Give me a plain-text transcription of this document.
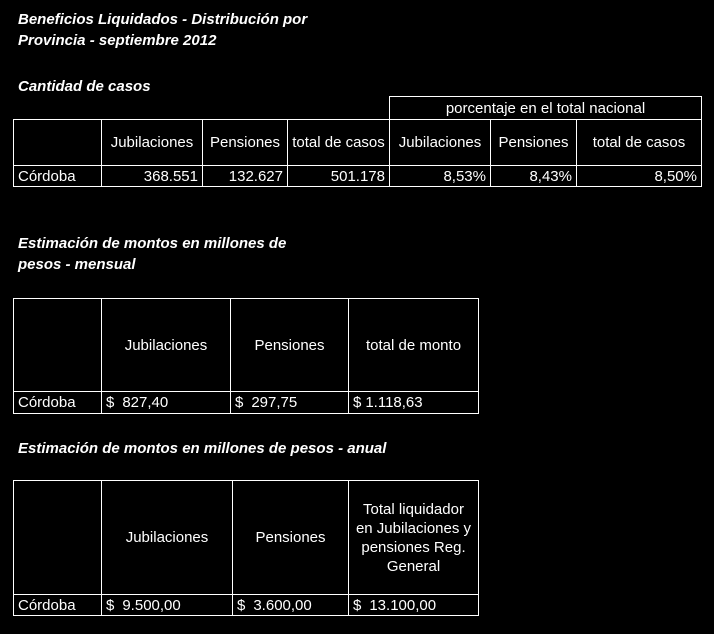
Beneficios Liquidados - Distribución por
Provincia - septiembre 2012
Cantidad de casos
				porcentaje en el total nacional		
	Jubilaciones	Pensiones	total de casos	Jubilaciones	Pensiones	total de casos
Córdoba	368.551	132.627	501.178	8,53%	8,43%	8,50%
Estimación de montos en millones de
pesos - mensual
	Jubilaciones	Pensiones	total de monto
Córdoba	$ 827,40	$ 297,75	$ 1.118,63
Estimación de montos en millones de pesos - anual
	Jubilaciones	Pensiones	Total liquidador en Jubilaciones y pensiones Reg. General
Córdoba	$ 9.500,00	$ 3.600,00	$ 13.100,00
